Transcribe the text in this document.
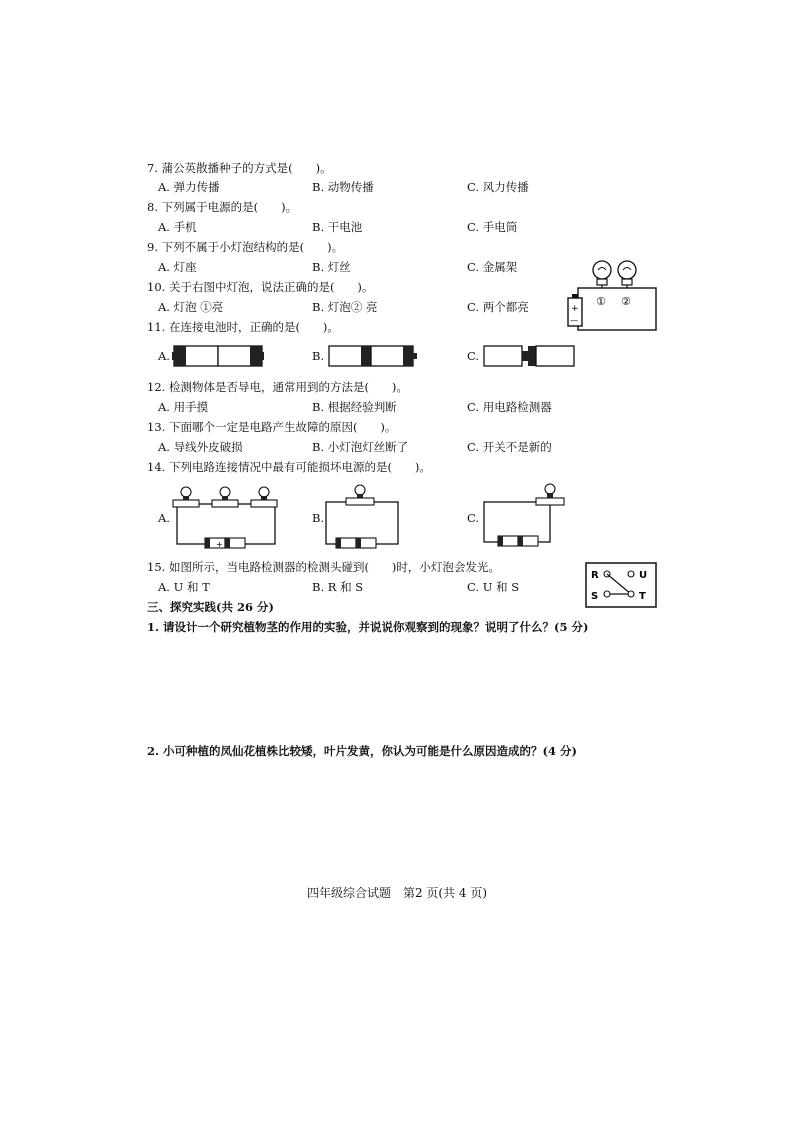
7. 蒲公英散播种子的方式是(　　)。
A. 弹力传播	B. 动物传播	C. 风力传播
8. 下列属于电源的是(　　)。
A. 手机	B. 干电池	C. 手电筒
9. 下列不属于小灯泡结构的是(　　)。
A. 灯座	B. 灯丝	C. 金属架
10. 关于右图中灯泡，说法正确的是(　　)。
A. 灯泡 ①亮	B. 灯泡② 亮	C. 两个都亮	+
—
① ②
11. 在连接电池时，正确的是(　　)。
A.	B.	C.
12. 检测物体是否导电，通常用到的方法是(　　)。
A. 用手摸	B. 根据经验判断	C. 用电路检测器
13. 下面哪个一定是电路产生故障的原因(　　)。
A. 导线外皮破损	B. 小灯泡灯丝断了	C. 开关不是新的
14. 下列电路连接情况中最有可能损坏电源的是(　　)。
A.	B.	C.
+
15. 如图所示，当电路检测器的检测头碰到(　　)时，小灯泡会发光。
A. U 和 T	B. R 和 S	C. U 和 S
R	U
S	T
三、探究实践(共 26 分)
1. 请设计一个研究植物茎的作用的实验，并说说你观察到的现象？说明了什么？(5 分)
2. 小可种植的凤仙花植株比较矮，叶片发黄，你认为可能是什么原因造成的？(4 分)
四年级综合试题　第2 页(共 4 页)
